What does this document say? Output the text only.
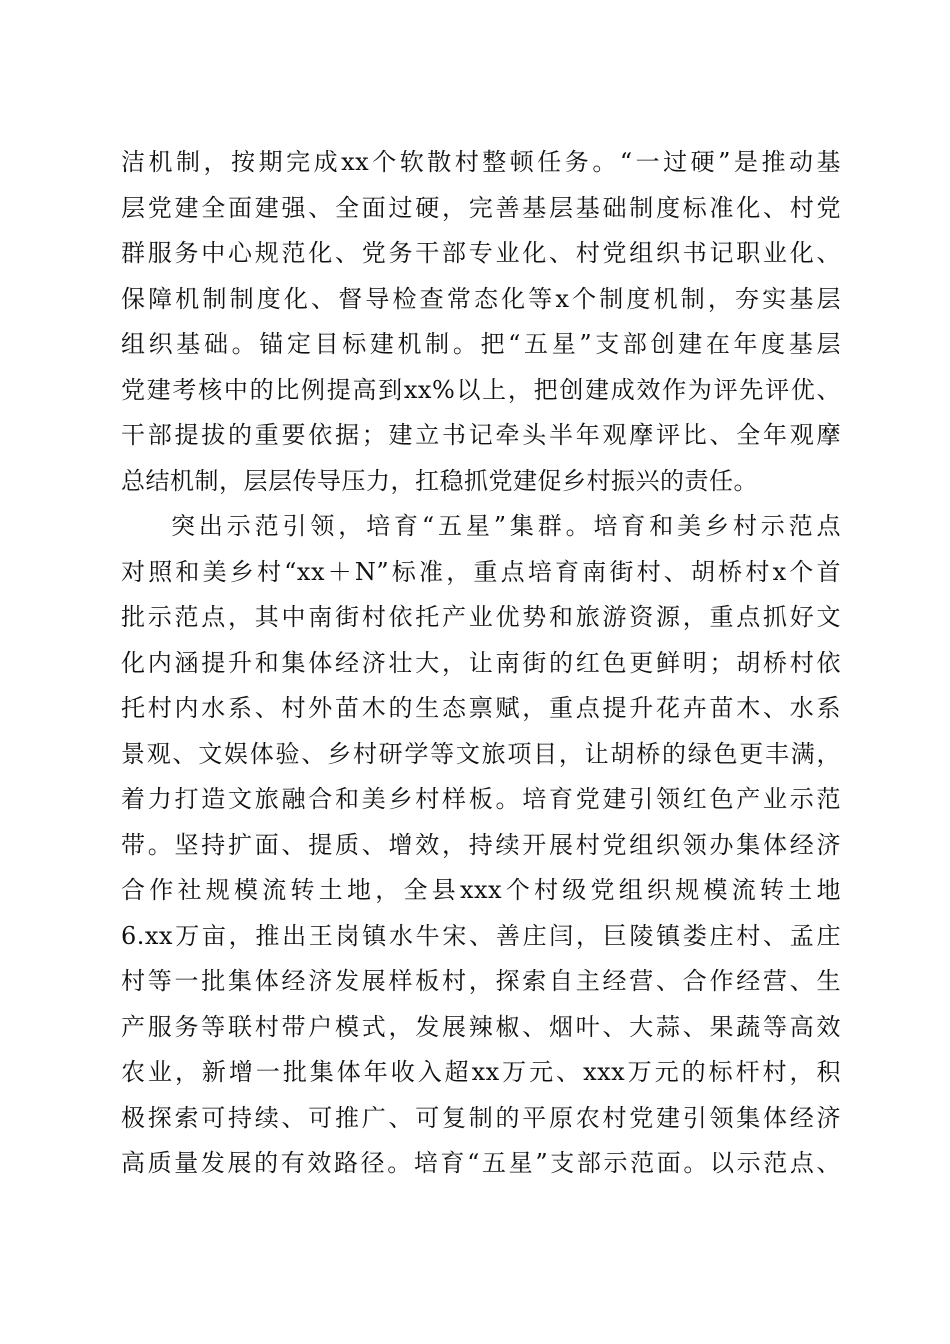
洁机制，按期完成xx个软散村整顿任务。“一过硬”是推动基
层党建全面建强、全面过硬，完善基层基础制度标准化、村党
群服务中心规范化、党务干部专业化、村党组织书记职业化、
保障机制制度化、督导检查常态化等x个制度机制，夯实基层
组织基础。锚定目标建机制。把“五星”支部创建在年度基层
党建考核中的比例提高到xx%以上，把创建成效作为评先评优、
干部提拔的重要依据；建立书记牵头半年观摩评比、全年观摩
总结机制，层层传导压力，扛稳抓党建促乡村振兴的责任。
突出示范引领，培育“五星”集群。培育和美乡村示范点
对照和美乡村“xx＋N”标准，重点培育南街村、胡桥村x个首
批示范点，其中南街村依托产业优势和旅游资源，重点抓好文
化内涵提升和集体经济壮大，让南街的红色更鲜明；胡桥村依
托村内水系、村外苗木的生态禀赋，重点提升花卉苗木、水系
景观、文娱体验、乡村研学等文旅项目，让胡桥的绿色更丰满，
着力打造文旅融合和美乡村样板。培育党建引领红色产业示范
带。坚持扩面、提质、增效，持续开展村党组织领办集体经济
合作社规模流转土地，全县xxx个村级党组织规模流转土地
6.xx万亩，推出王岗镇水牛宋、善庄闫，巨陵镇娄庄村、孟庄
村等一批集体经济发展样板村，探索自主经营、合作经营、生
产服务等联村带户模式，发展辣椒、烟叶、大蒜、果蔬等高效
农业，新增一批集体年收入超xx万元、xxx万元的标杆村，积
极探索可持续、可推广、可复制的平原农村党建引领集体经济
高质量发展的有效路径。培育“五星”支部示范面。以示范点、
